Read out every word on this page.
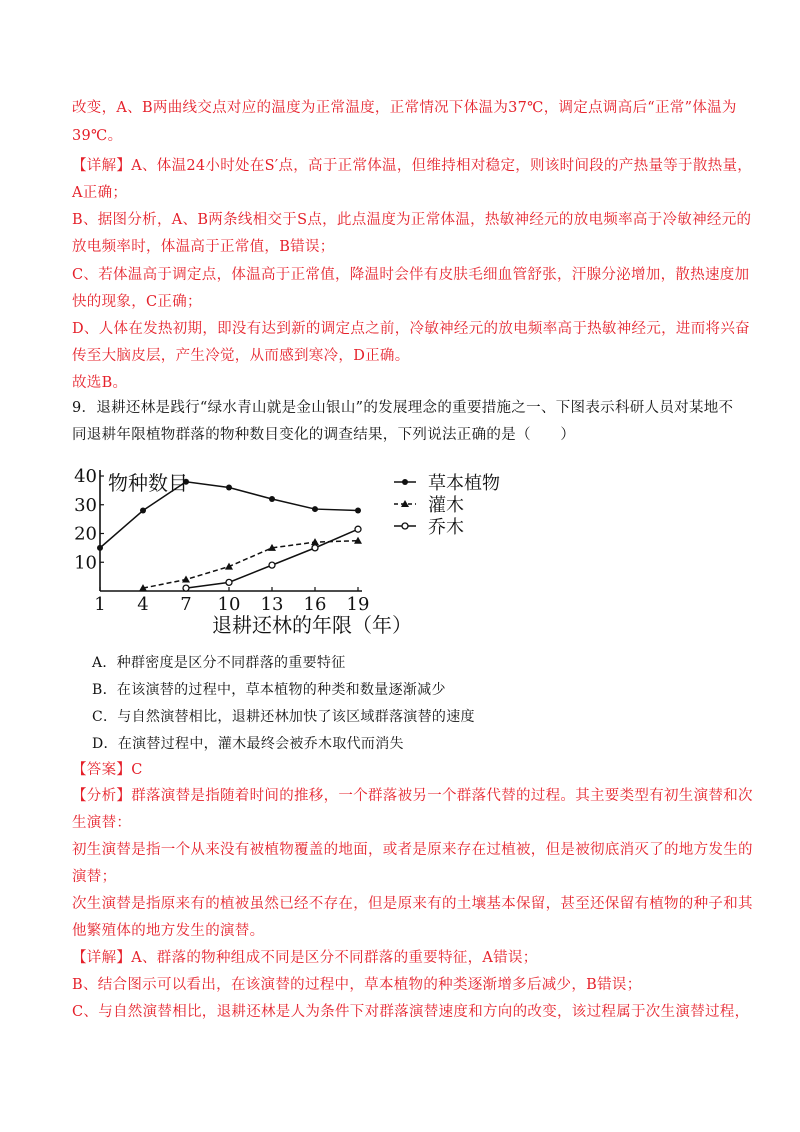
改变，A、B两曲线交点对应的温度为正常温度，正常情况下体温为37℃，调定点调高后“正常”体温为
39℃。
【详解】A、体温24小时处在S′点，高于正常体温，但维持相对稳定，则该时间段的产热量等于散热量，
A正确；
B、据图分析，A、B两条线相交于S点，此点温度为正常体温，热敏神经元的放电频率高于冷敏神经元的
放电频率时，体温高于正常值，B错误；
C、若体温高于调定点，体温高于正常值，降温时会伴有皮肤毛细血管舒张，汗腺分泌增加，散热速度加
快的现象，C正确；
D、人体在发热初期，即没有达到新的调定点之前，冷敏神经元的放电频率高于热敏神经元，进而将兴奋
传至大脑皮层，产生冷觉，从而感到寒冷，D正确。
故选B。
9．退耕还林是践行“绿水青山就是金山银山”的发展理念的重要措施之一、下图表示科研人员对某地不
同退耕年限植物群落的物种数目变化的调查结果，下列说法正确的是（　　）
1 4 7 10 13 16 19
10
20
30
40	草本植物
灌木
乔木
物种数目
退耕还林的年限（年）
A．种群密度是区分不同群落的重要特征
B．在该演替的过程中，草本植物的种类和数量逐渐减少
C．与自然演替相比，退耕还林加快了该区域群落演替的速度
D．在演替过程中，灌木最终会被乔木取代而消失
【答案】C
【分析】群落演替是指随着时间的推移，一个群落被另一个群落代替的过程。其主要类型有初生演替和次
生演替：
初生演替是指一个从来没有被植物覆盖的地面，或者是原来存在过植被，但是被彻底消灭了的地方发生的
演替；
次生演替是指原来有的植被虽然已经不存在，但是原来有的土壤基本保留，甚至还保留有植物的种子和其
他繁殖体的地方发生的演替。
【详解】A、群落的物种组成不同是区分不同群落的重要特征，A错误；
B、结合图示可以看出，在该演替的过程中，草本植物的种类逐渐增多后减少，B错误；
C、与自然演替相比，退耕还林是人为条件下对群落演替速度和方向的改变，该过程属于次生演替过程，
